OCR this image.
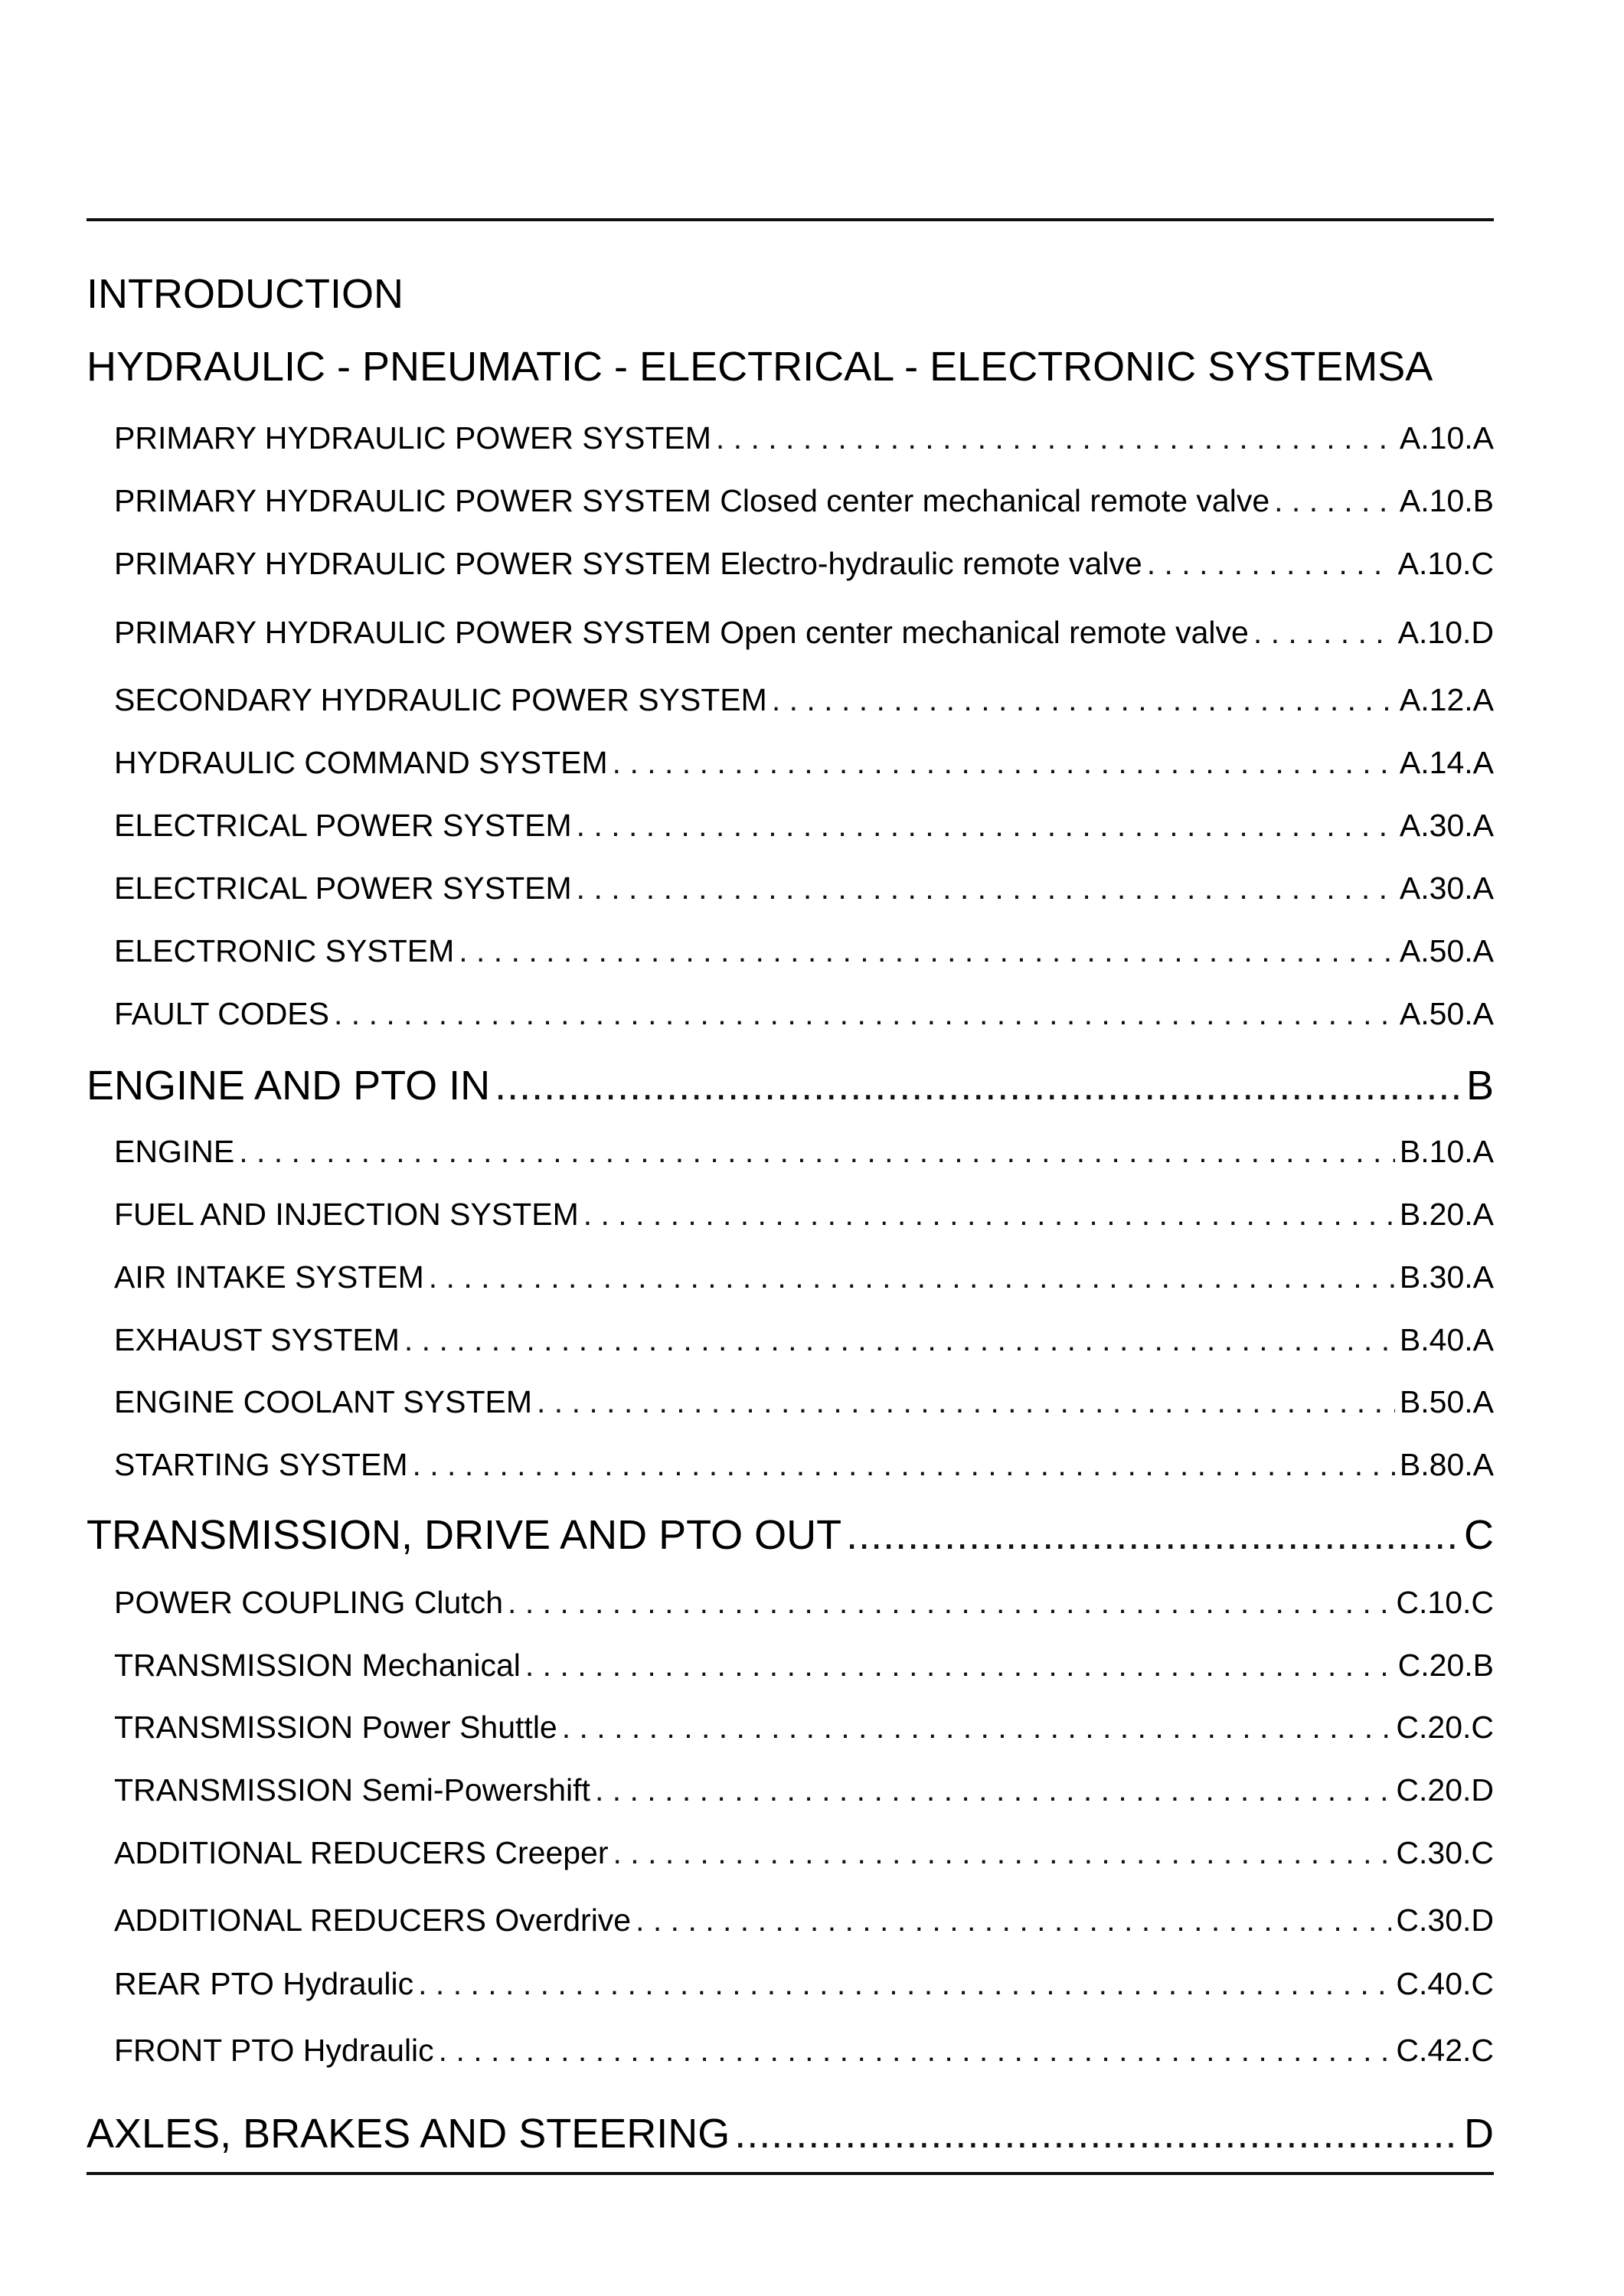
INTRODUCTION
HYDRAULIC - PNEUMATIC - ELECTRICAL - ELECTRONIC SYSTEMS A
PRIMARY HYDRAULIC POWER SYSTEM . . .	A.10.A
PRIMARY HYDRAULIC POWER SYSTEM Closed center mechanical remote valve . . .	A.10.B
PRIMARY HYDRAULIC POWER SYSTEM Electro-hydraulic remote valve . . .	A.10.C
PRIMARY HYDRAULIC POWER SYSTEM Open center mechanical remote valve . . .	A.10.D
SECONDARY HYDRAULIC POWER SYSTEM . . .	A.12.A
HYDRAULIC COMMAND SYSTEM . . .	A.14.A
ELECTRICAL POWER SYSTEM . . .	A.30.A
ELECTRICAL POWER SYSTEM . . .	A.30.A
ELECTRONIC SYSTEM . . .	A.50.A
FAULT CODES . . .	A.50.A
ENGINE AND PTO IN .....	B
ENGINE . . .	B.10.A
FUEL AND INJECTION SYSTEM . . .	B.20.A
AIR INTAKE SYSTEM . . .	B.30.A
EXHAUST SYSTEM . . .	B.40.A
ENGINE COOLANT SYSTEM . . .	B.50.A
STARTING SYSTEM . . .	B.80.A
TRANSMISSION, DRIVE AND PTO OUT .....	C
POWER COUPLING Clutch . . .	C.10.C
TRANSMISSION Mechanical . . .	C.20.B
TRANSMISSION Power Shuttle . . .	C.20.C
TRANSMISSION Semi-Powershift . . .	C.20.D
ADDITIONAL REDUCERS Creeper . . .	C.30.C
ADDITIONAL REDUCERS Overdrive . . .	C.30.D
REAR PTO Hydraulic . . .	C.40.C
FRONT PTO Hydraulic . . .	C.42.C
AXLES, BRAKES AND STEERING .....	D
